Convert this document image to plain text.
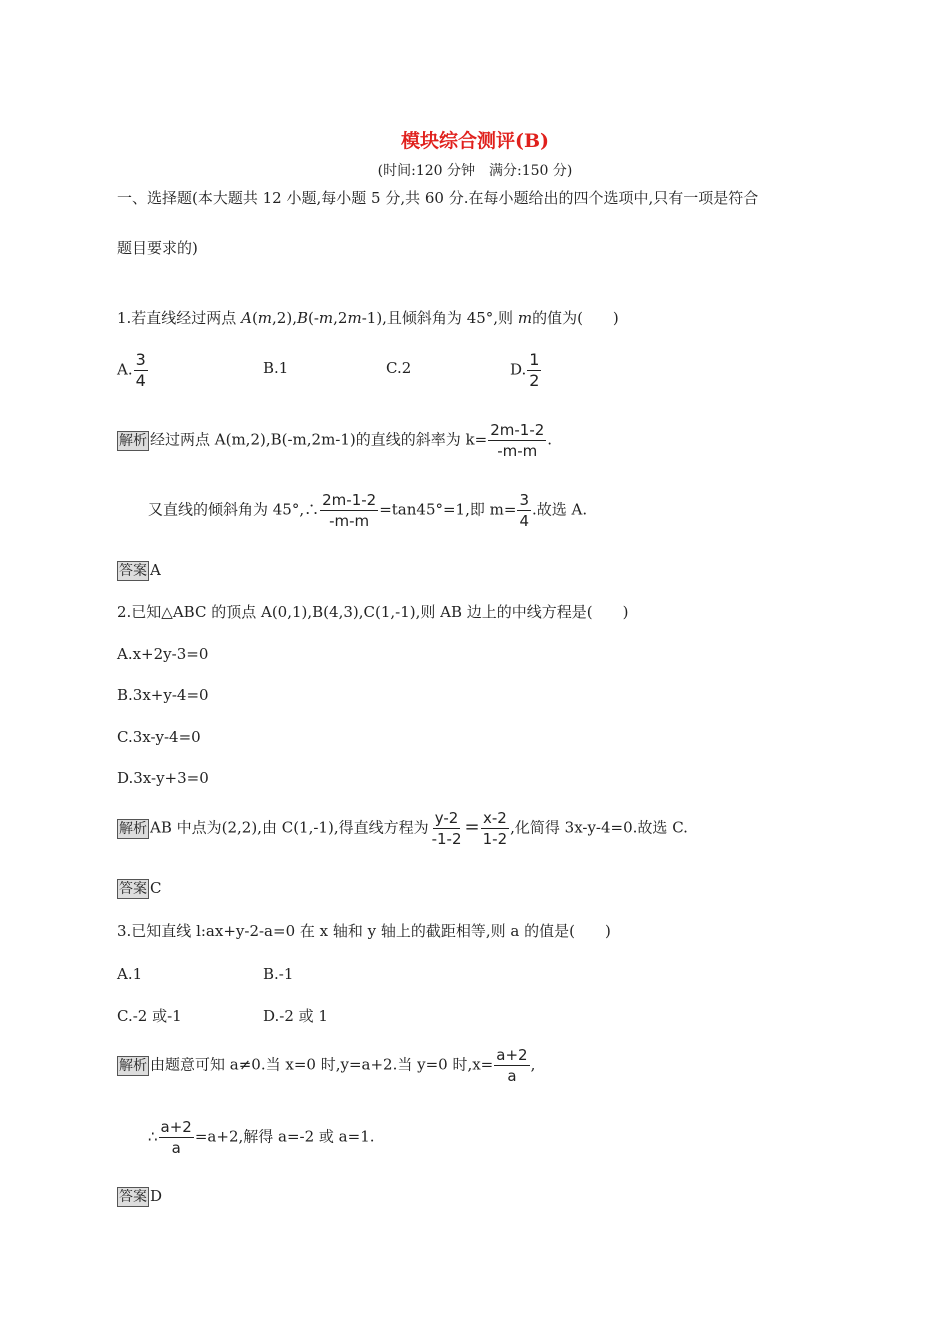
模块综合测评(B)
(时间:120 分钟　满分:150 分)
一、选择题(本大题共 12 小题,每小题 5 分,共 60 分.在每小题给出的四个选项中,只有一项是符合
题目要求的)
1.若直线经过两点 A(m,2),B(-m,2m-1),且倾斜角为 45°,则 m的值为(　　)
A. $\frac{3}{4}$	B.1	C.2	D. $\frac{1}{2}$
解析 经过两点 A(m,2),B(-m,2m-1)的直线的斜率为 $k= \frac{2m-1-2}{-m-m}$ .
又直线的倾斜角为 45°,∴ $\frac{2m-1-2}{-m-m} =\tan 45^\circ=1$,即 $m= \frac{3}{4}$ .故选 A.
答案 A
2.已知△ABC 的顶点 A(0,1),B(4,3),C(1,-1),则 AB 边上的中线方程是(　　)
A.x+2y-3=0
B.3x+y-4=0
C.3x-y-4=0
D.3x-y+3=0
解析 AB 中点为(2,2),由 C(1,-1),得直线方程为 $\frac{y-2}{-1-2} = \frac{x-2}{1-2}$ ,化简得 3x-y-4=0.故选 C.
答案 C
3.已知直线 l:ax+y-2-a=0 在 x 轴和 y 轴上的截距相等,则 a 的值是(　　)
A.1	B.-1
C.-2 或-1	D.-2 或 1
解析 由题意可知 a≠0.当 x=0 时,y=a+2.当 y=0 时$,x= \frac{a+2}{a}$ ,
∴ $\frac{a+2}{a} =a+2$,解得 a=-2 或 a=1.
答案 D
